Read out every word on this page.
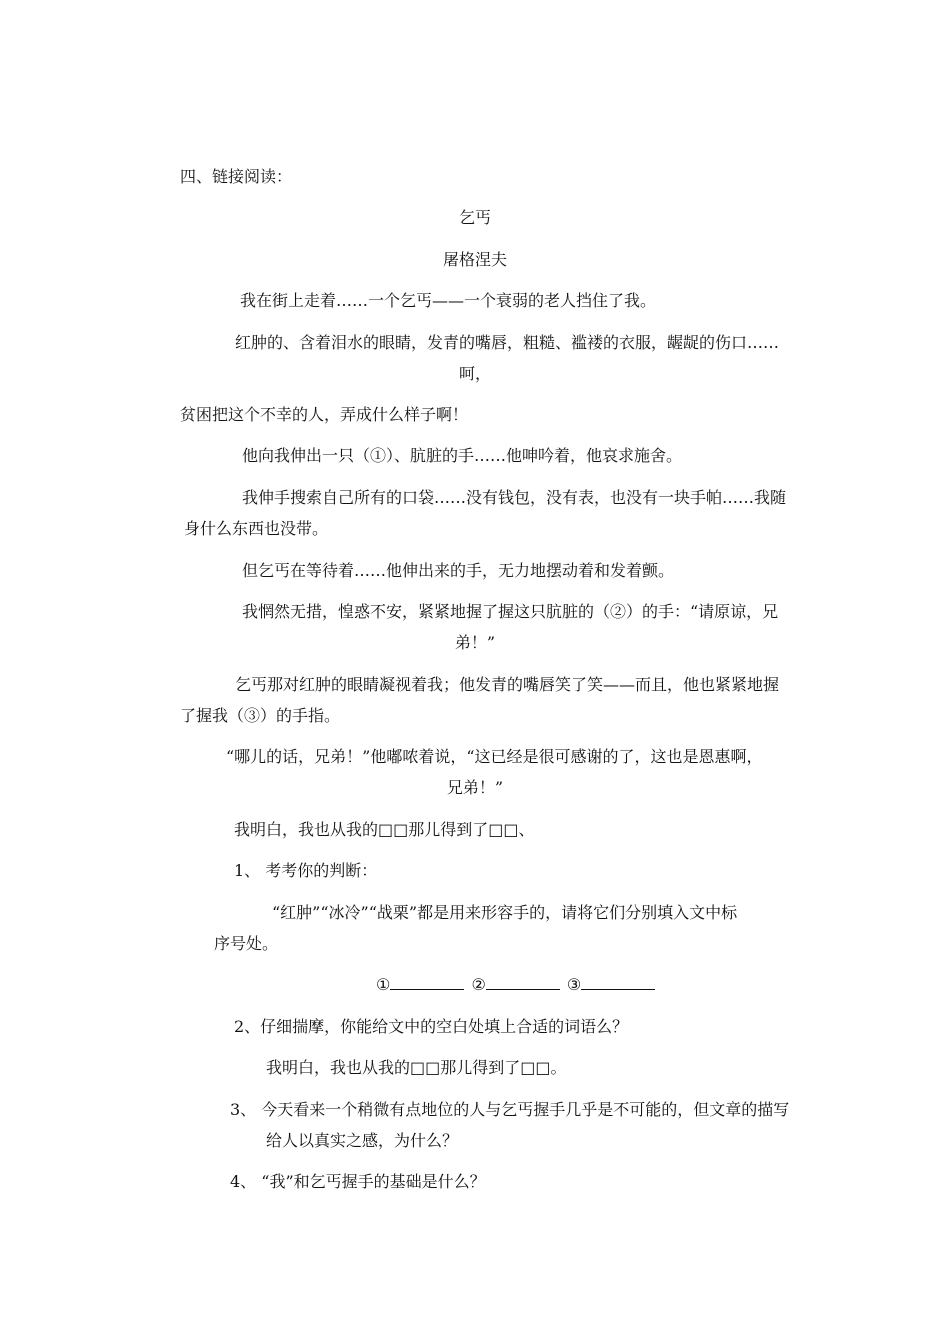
四、链接阅读：
乞丐
屠格涅夫
我在街上走着……一个乞丐——一个衰弱的老人挡住了我。
红肿的、含着泪水的眼睛，发青的嘴唇，粗糙、褴褛的衣服，龌龊的伤口……
呵，
贫困把这个不幸的人，弄成什么样子啊！
他向我伸出一只（①）、肮脏的手……他呻吟着，他哀求施舍。
我伸手搜索自己所有的口袋……没有钱包，没有表，也没有一块手帕……我随
身什么东西也没带。
但乞丐在等待着……他伸出来的手，无力地摆动着和发着颤。
我惘然无措，惶惑不安，紧紧地握了握这只肮脏的（②）的手：“请原谅，兄
弟！”
乞丐那对红肿的眼睛凝视着我；他发青的嘴唇笑了笑——而且，他也紧紧地握
了握我（③）的手指。
“哪儿的话，兄弟！”他嘟哝着说，“这已经是很可感谢的了，这也是恩惠啊，
兄弟！”
我明白，我也从我的□□那儿得到了□□、
1、 考考你的判断：
“红肿”“冰冷”“战栗”都是用来形容手的，请将它们分别填入文中标
序号处。
①	②	③
2、仔细揣摩，你能给文中的空白处填上合适的词语么？
我明白，我也从我的□□那儿得到了□□。
3、 今天看来一个稍微有点地位的人与乞丐握手几乎是不可能的，但文章的描写
给人以真实之感，为什么？
4、 “我”和乞丐握手的基础是什么？
